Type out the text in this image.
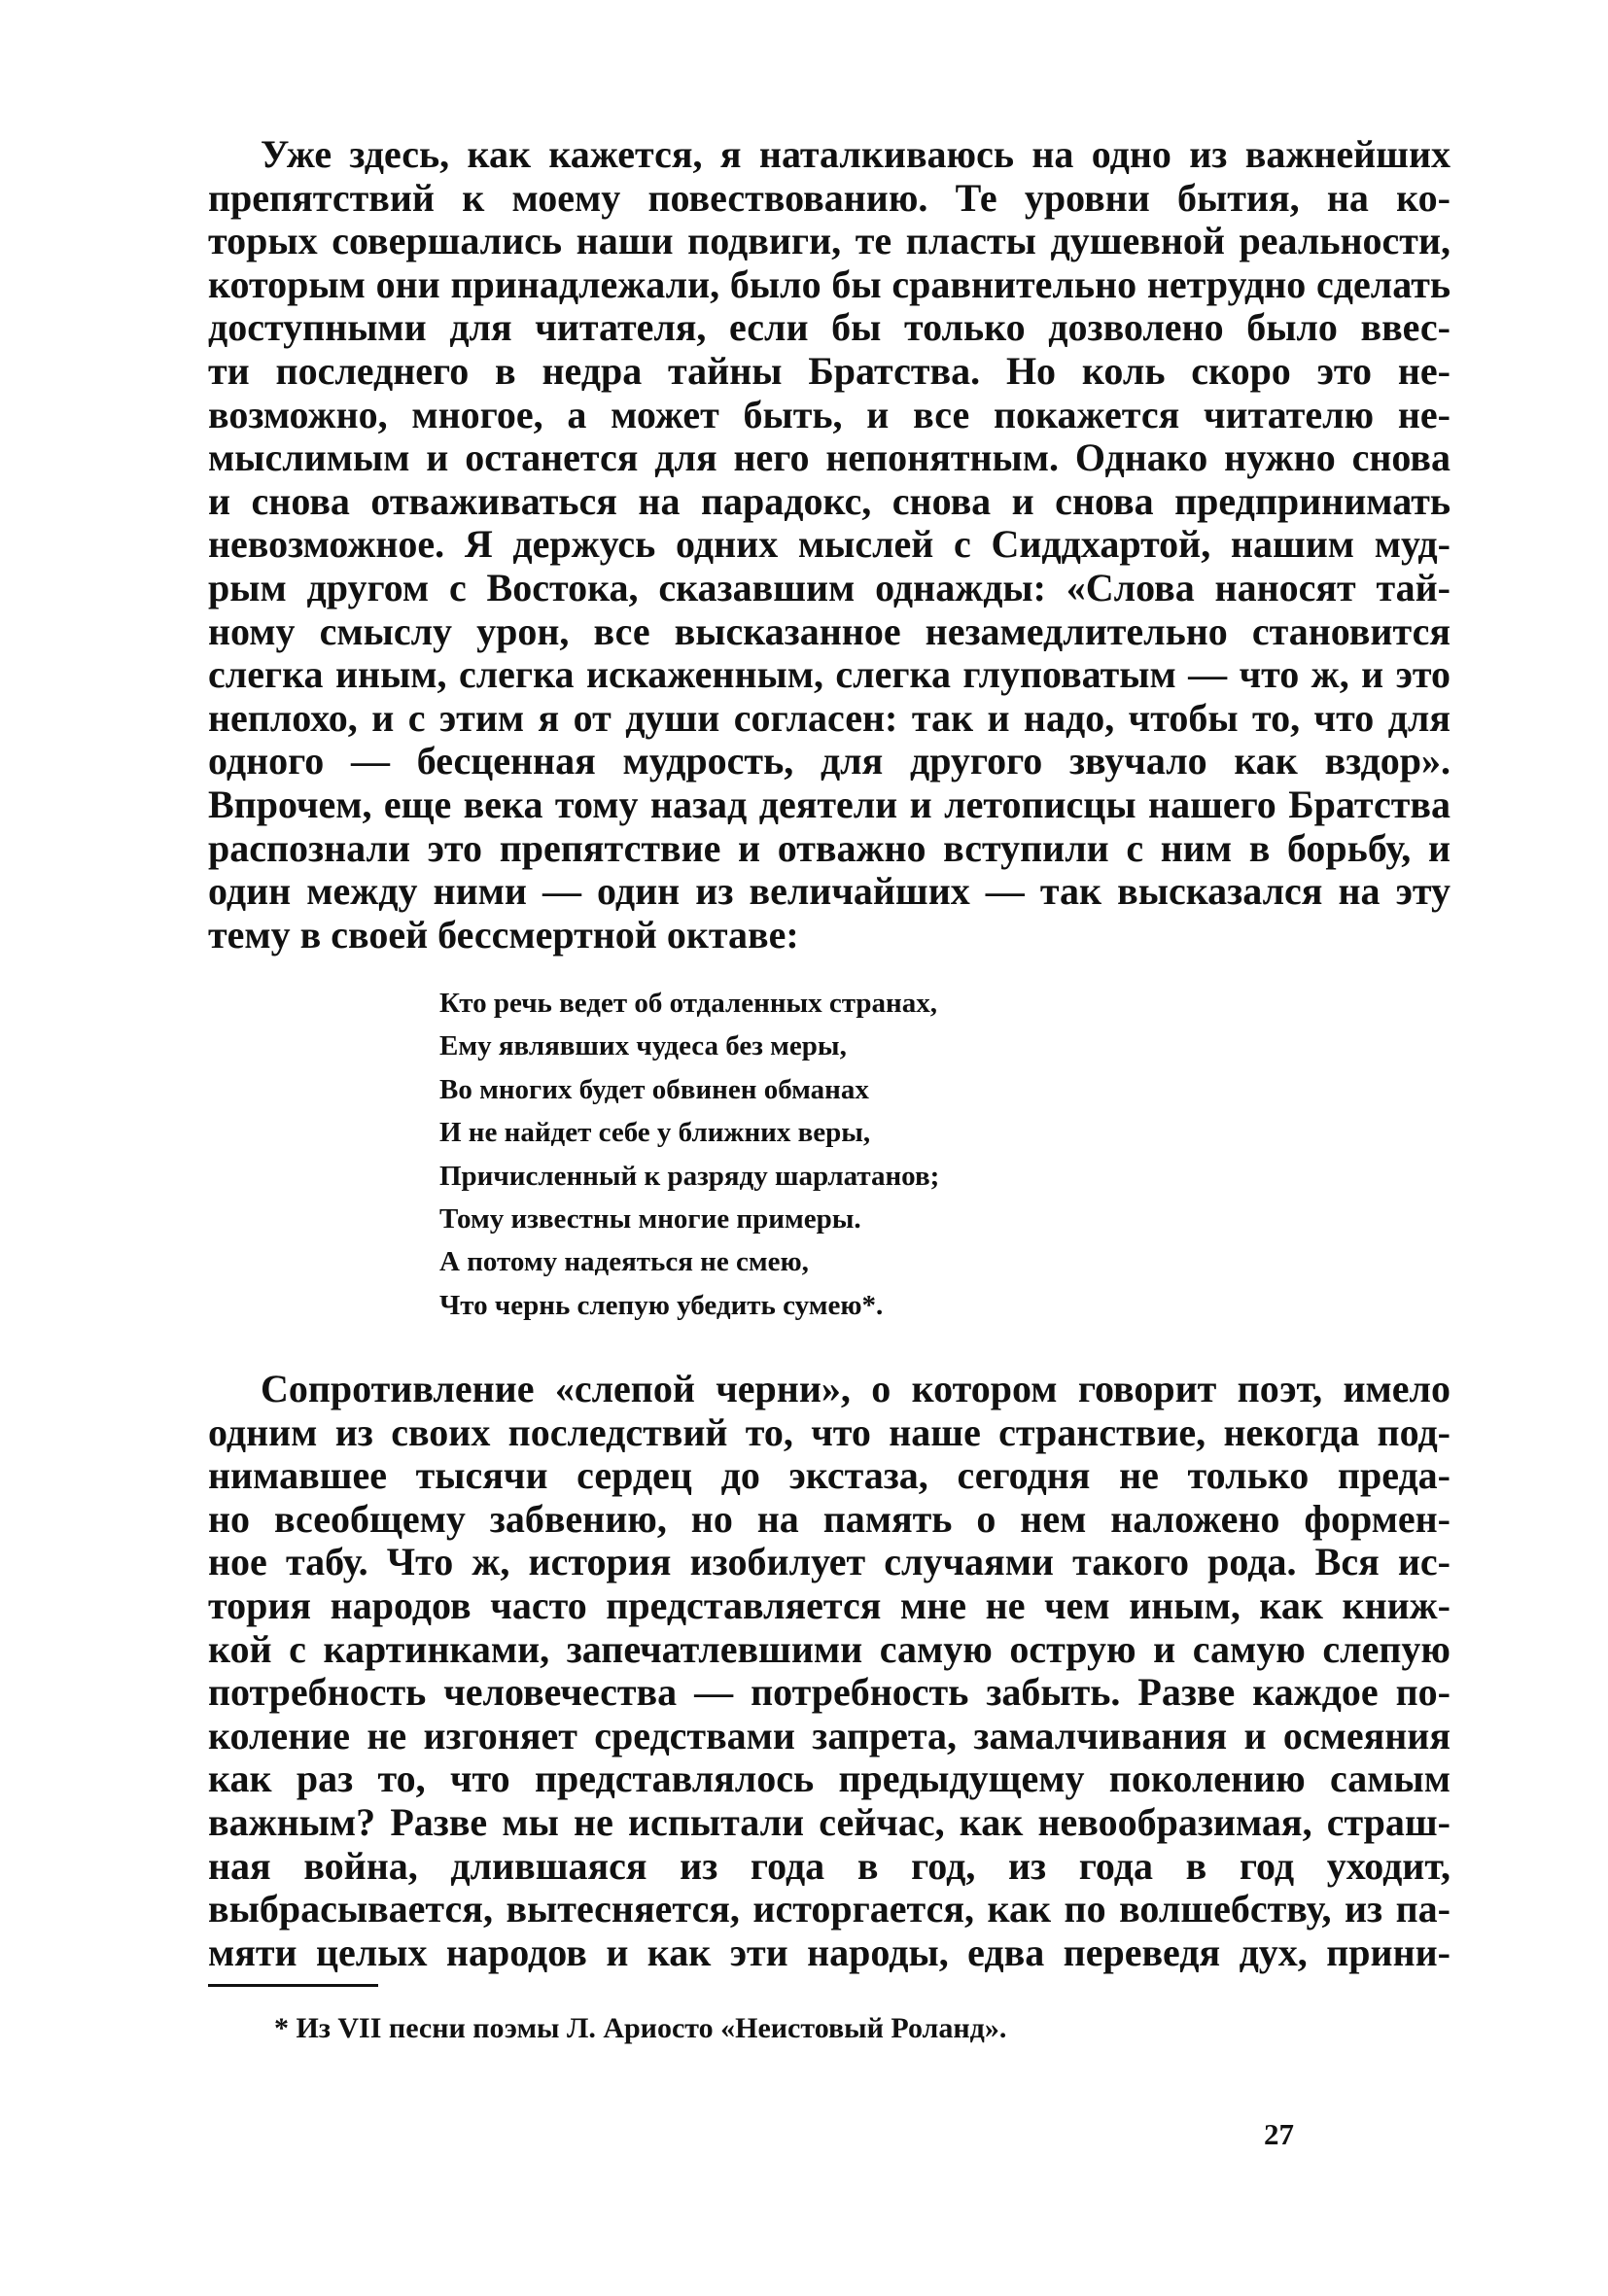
Уже здесь, как кажется, я наталкиваюсь на одно из важнейших
препятствий к моему повествованию. Те уровни бытия, на ко-
торых совершались наши подвиги, те пласты душевной реальности,
которым они принадлежали, было бы сравнительно нетрудно сделать
доступными для читателя, если бы только дозволено было ввес-
ти последнего в недра тайны Братства. Но коль скоро это не-
возможно, многое, а может быть, и все покажется читателю не-
мыслимым и останется для него непонятным. Однако нужно снова
и снова отваживаться на парадокс, снова и снова предпринимать
невозможное. Я держусь одних мыслей с Сиддхартой, нашим муд-
рым другом с Востока, сказавшим однажды: «Слова наносят тай-
ному смыслу урон, все высказанное незамедлительно становится
слегка иным, слегка искаженным, слегка глуповатым — что ж, и это
неплохо, и с этим я от души согласен: так и надо, чтобы то, что для
одного — бесценная мудрость, для другого звучало как вздор».
Впрочем, еще века тому назад деятели и летописцы нашего Братства
распознали это препятствие и отважно вступили с ним в борьбу, и
один между ними — один из величайших — так высказался на эту
тему в своей бессмертной октаве:
Кто речь ведет об отдаленных странах,
Ему являвших чудеса без меры,
Во многих будет обвинен обманах
И не найдет себе у ближних веры,
Причисленный к разряду шарлатанов;
Тому известны многие примеры.
А потому надеяться не смею,
Что чернь слепую убедить сумею*.
Сопротивление «слепой черни», о котором говорит поэт, имело
одним из своих последствий то, что наше странствие, некогда под-
нимавшее тысячи сердец до экстаза, сегодня не только преда-
но всеобщему забвению, но на память о нем наложено формен-
ное табу. Что ж, история изобилует случаями такого рода. Вся ис-
тория народов часто представляется мне не чем иным, как книж-
кой с картинками, запечатлевшими самую острую и самую слепую
потребность человечества — потребность забыть. Разве каждое по-
коление не изгоняет средствами запрета, замалчивания и осмеяния
как раз то, что представлялось предыдущему поколению самым
важным? Разве мы не испытали сейчас, как невообразимая, страш-
ная война, длившаяся из года в год, из года в год уходит,
выбрасывается, вытесняется, исторгается, как по волшебству, из па-
мяти целых народов и как эти народы, едва переведя дух, прини-

* Из VII песни поэмы Л. Ариосто «Неистовый Роланд».

27
